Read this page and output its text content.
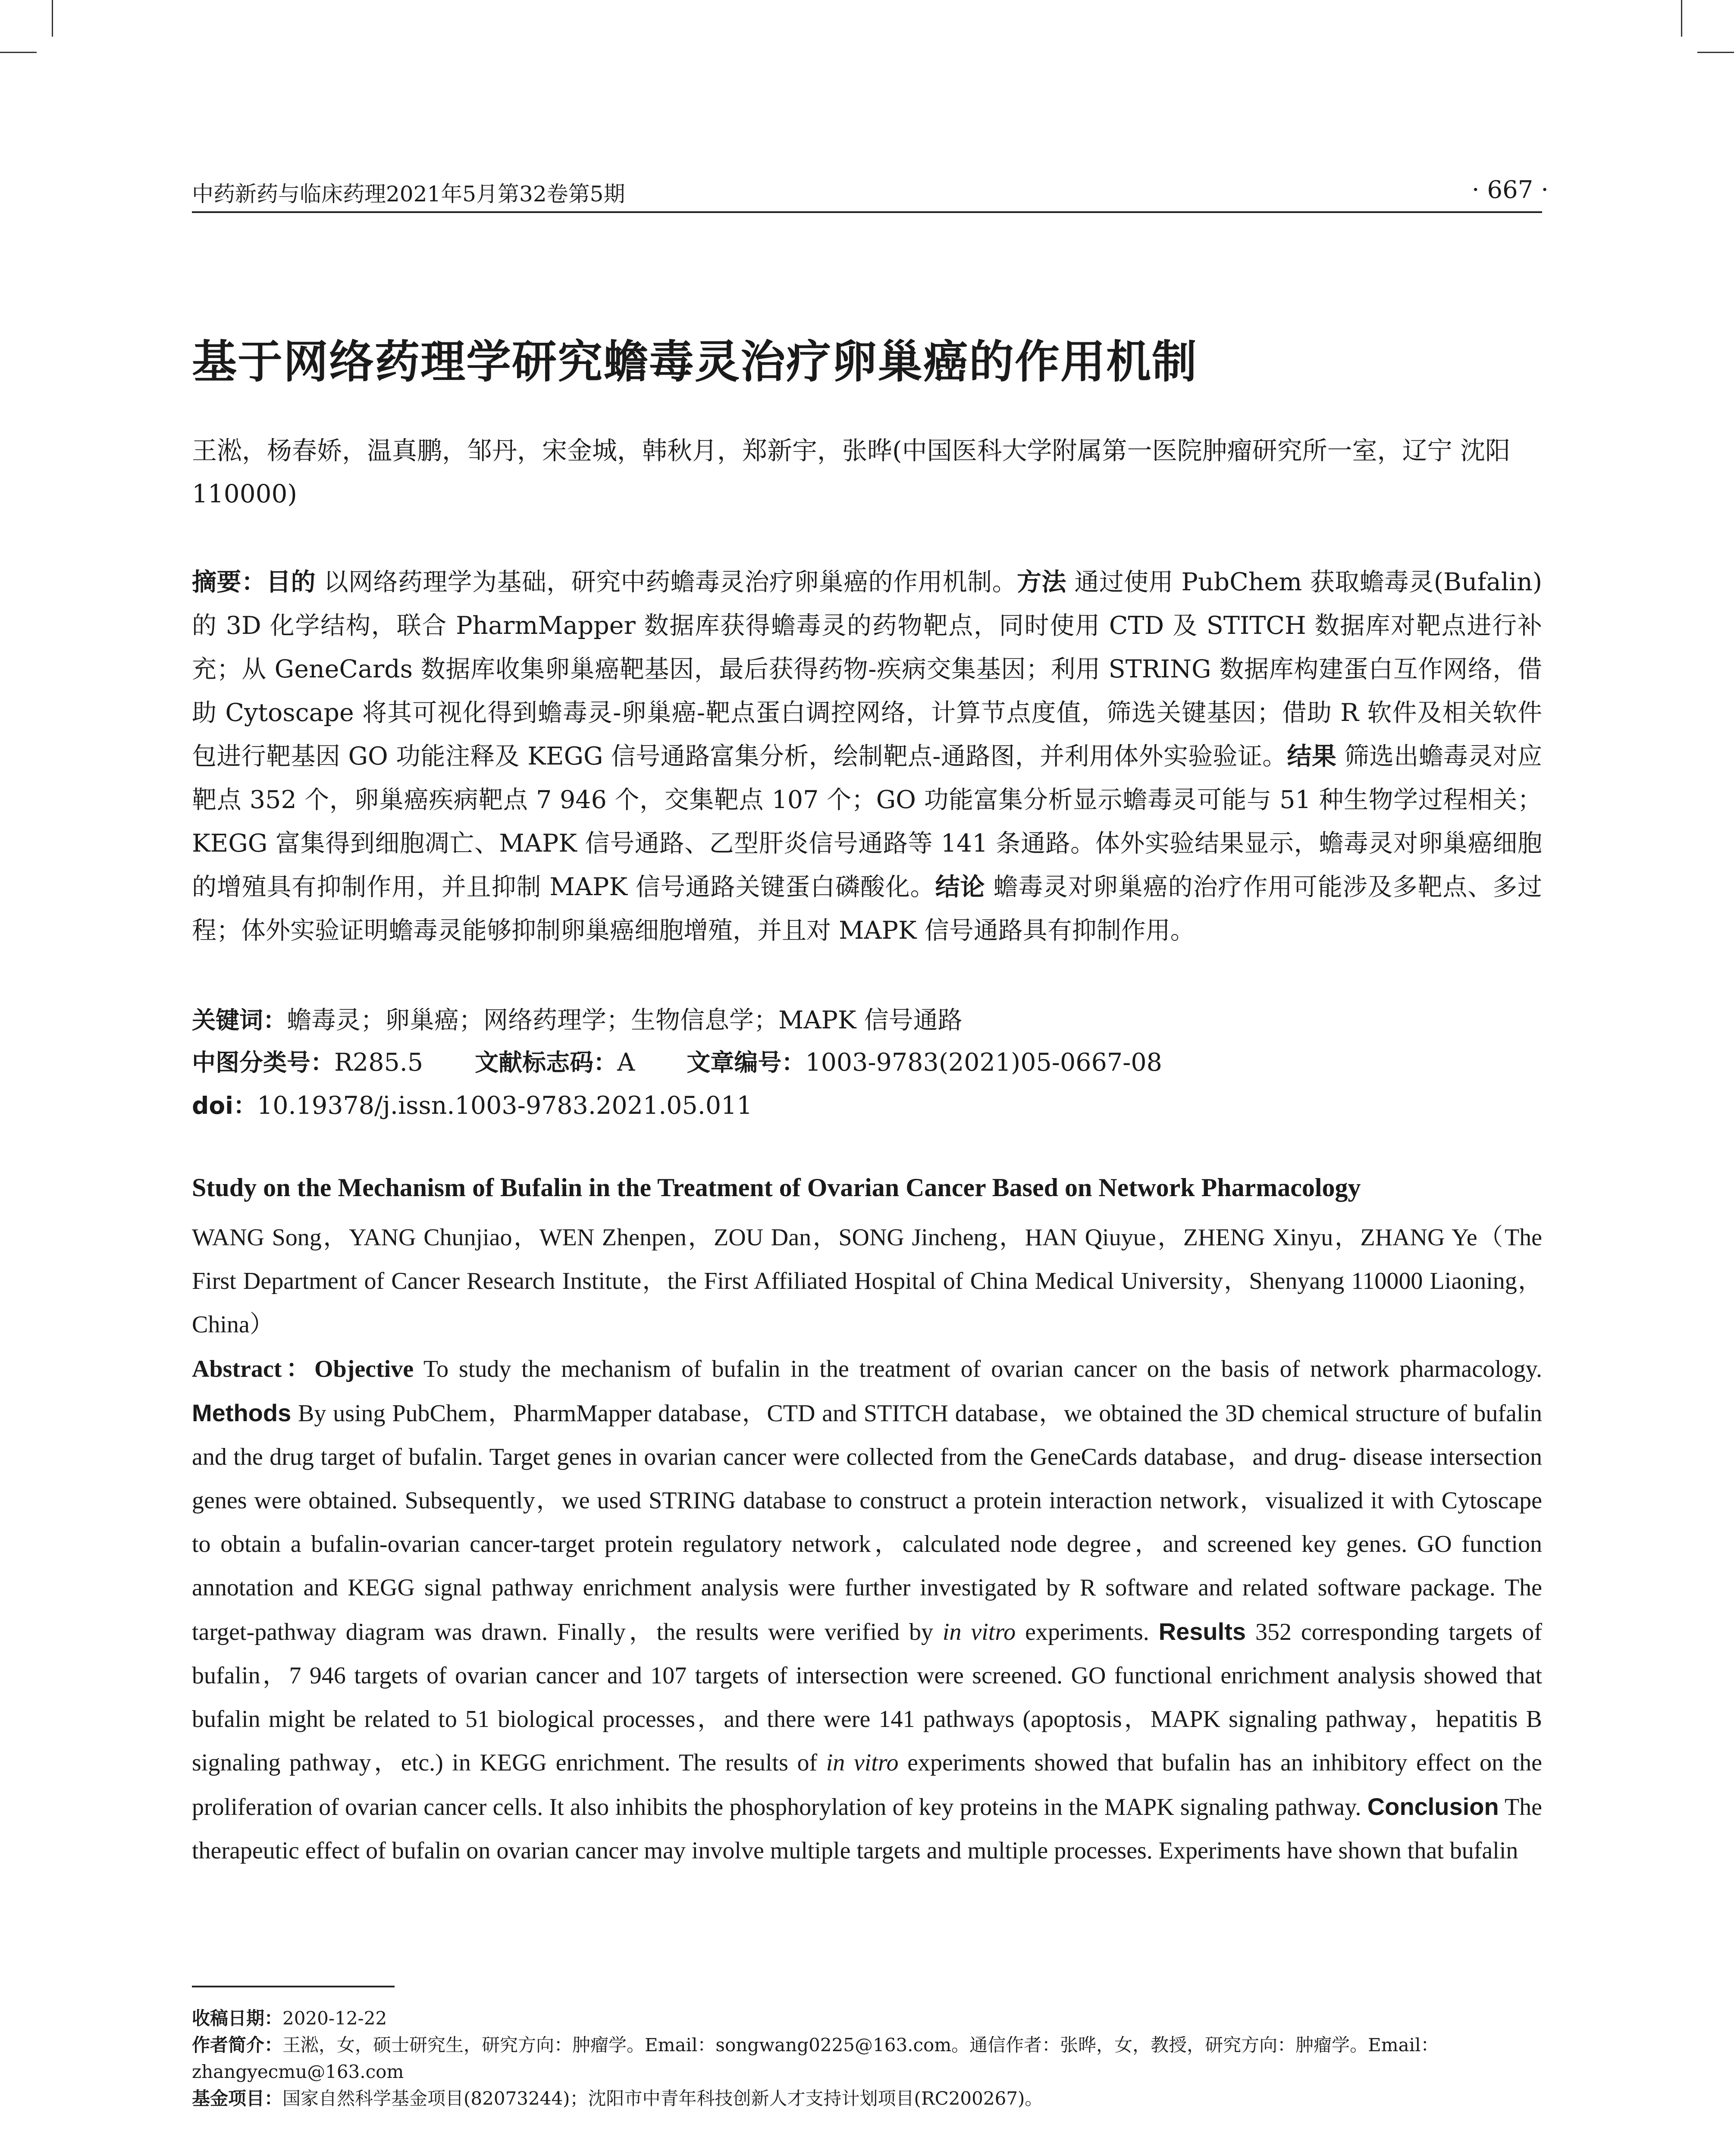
中药新药与临床药理2021年5月第32卷第5期	· 667 ·
基于网络药理学研究蟾毒灵治疗卵巢癌的作用机制
王淞，杨春娇，温真鹏，邹丹，宋金城，韩秋月，郑新宇，张晔(中国医科大学附属第一医院肿瘤研究所一室，辽宁 沈阳 110000)
摘要：目的 以网络药理学为基础，研究中药蟾毒灵治疗卵巢癌的作用机制。方法 通过使用 PubChem 获取蟾毒灵(Bufalin)的 3D 化学结构，联合 PharmMapper 数据库获得蟾毒灵的药物靶点，同时使用 CTD 及 STITCH 数据库对靶点进行补充；从 GeneCards 数据库收集卵巢癌靶基因，最后获得药物-疾病交集基因；利用 STRING 数据库构建蛋白互作网络，借助 Cytoscape 将其可视化得到蟾毒灵-卵巢癌-靶点蛋白调控网络，计算节点度值，筛选关键基因；借助 R 软件及相关软件包进行靶基因 GO 功能注释及 KEGG 信号通路富集分析，绘制靶点-通路图，并利用体外实验验证。结果 筛选出蟾毒灵对应靶点 352 个，卵巢癌疾病靶点 7 946 个，交集靶点 107 个；GO 功能富集分析显示蟾毒灵可能与 51 种生物学过程相关；KEGG 富集得到细胞凋亡、MAPK 信号通路、乙型肝炎信号通路等 141 条通路。体外实验结果显示，蟾毒灵对卵巢癌细胞的增殖具有抑制作用，并且抑制 MAPK 信号通路关键蛋白磷酸化。结论 蟾毒灵对卵巢癌的治疗作用可能涉及多靶点、多过程；体外实验证明蟾毒灵能够抑制卵巢癌细胞增殖，并且对 MAPK 信号通路具有抑制作用。
关键词：蟾毒灵；卵巢癌；网络药理学；生物信息学；MAPK 信号通路
中图分类号：R285.5 文献标志码：A 文章编号：1003-9783(2021)05-0667-08
doi：10.19378/j.issn.1003-9783.2021.05.011
Study on the Mechanism of Bufalin in the Treatment of Ovarian Cancer Based on Network Pharmacology
WANG Song，YANG Chunjiao，WEN Zhenpen，ZOU Dan，SONG Jincheng，HAN Qiuyue，ZHENG Xinyu，ZHANG Ye（The First Department of Cancer Research Institute，the First Affiliated Hospital of China Medical University，Shenyang 110000 Liaoning，China）
Abstract：Objective To study the mechanism of bufalin in the treatment of ovarian cancer on the basis of network pharmacology. Methods By using PubChem，PharmMapper database，CTD and STITCH database，we obtained the 3D chemical structure of bufalin and the drug target of bufalin. Target genes in ovarian cancer were collected from the GeneCards database，and drug- disease intersection genes were obtained. Subsequently，we used STRING database to construct a protein interaction network，visualized it with Cytoscape to obtain a bufalin-ovarian cancer-target protein regulatory network，calculated node degree，and screened key genes. GO function annotation and KEGG signal pathway enrichment analysis were further investigated by R software and related software package. The target-pathway diagram was drawn. Finally，the results were verified by in vitro experiments. Results 352 corresponding targets of bufalin，7 946 targets of ovarian cancer and 107 targets of intersection were screened. GO functional enrichment analysis showed that bufalin might be related to 51 biological processes，and there were 141 pathways (apoptosis，MAPK signaling pathway，hepatitis B signaling pathway，etc.) in KEGG enrichment. The results of in vitro experiments showed that bufalin has an inhibitory effect on the proliferation of ovarian cancer cells. It also inhibits the phosphorylation of key proteins in the MAPK signaling pathway. Conclusion The therapeutic effect of bufalin on ovarian cancer may involve multiple targets and multiple processes. Experiments have shown that bufalin
收稿日期：2020-12-22
作者简介：王淞，女，硕士研究生，研究方向：肿瘤学。Email：songwang0225@163.com。通信作者：张晔，女，教授，研究方向：肿瘤学。Email：zhangyecmu@163.com
基金项目：国家自然科学基金项目(82073244)；沈阳市中青年科技创新人才支持计划项目(RC200267)。
